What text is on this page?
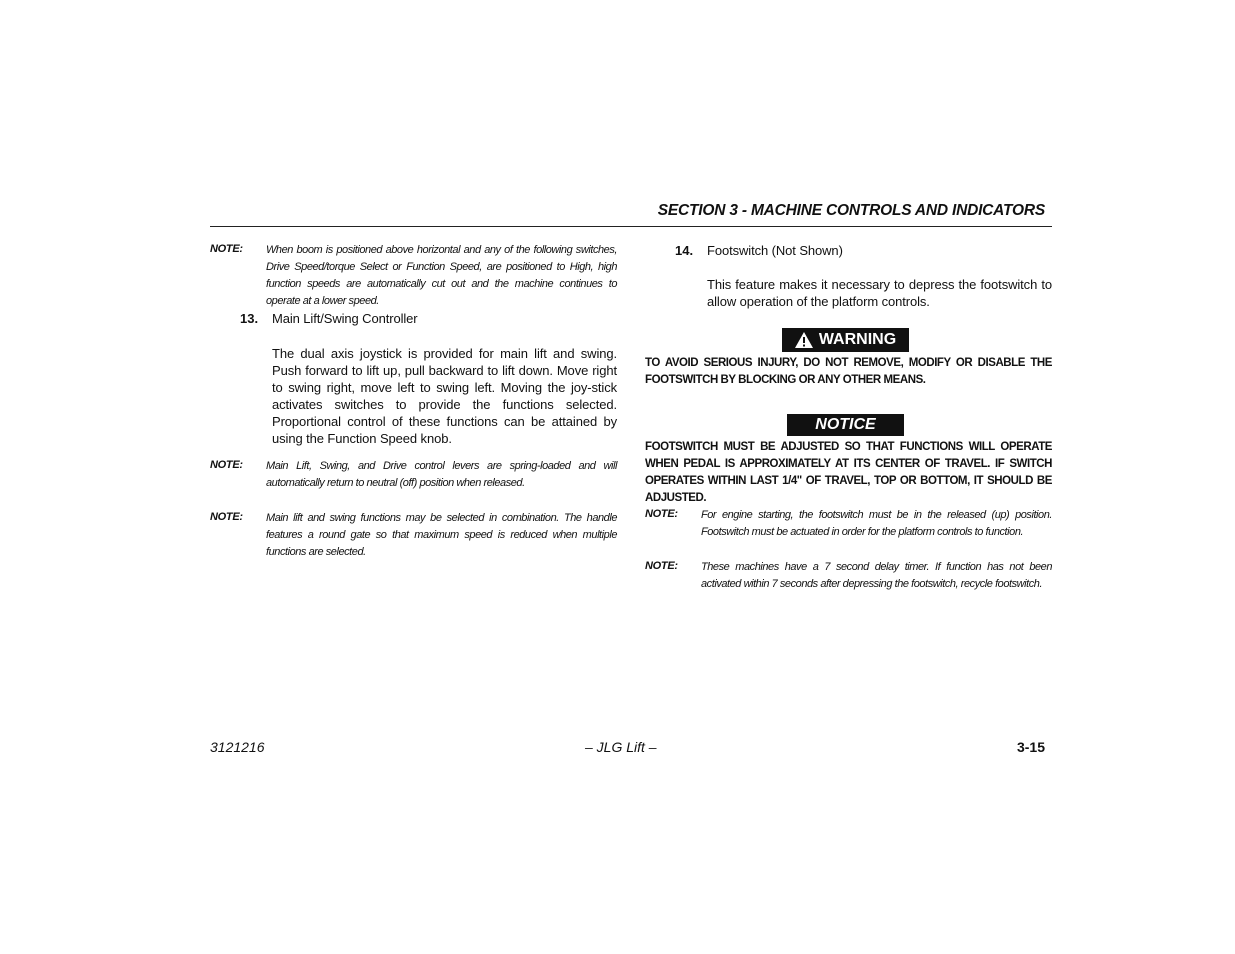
SECTION 3 - MACHINE CONTROLS AND INDICATORS
NOTE: When boom is positioned above horizontal and any of the following switches, Drive Speed/torque Select or Function Speed, are positioned to High, high function speeds are automatically cut out and the machine continues to operate at a lower speed.
13. Main Lift/Swing Controller
The dual axis joystick is provided for main lift and swing. Push forward to lift up, pull backward to lift down. Move right to swing right, move left to swing left. Moving the joy-stick activates switches to provide the functions selected. Proportional control of these functions can be attained by using the Function Speed knob.
NOTE: Main Lift, Swing, and Drive control levers are spring-loaded and will automatically return to neutral (off) position when released.
NOTE: Main lift and swing functions may be selected in combination. The handle features a round gate so that maximum speed is reduced when multiple functions are selected.
14. Footswitch (Not Shown)
This feature makes it necessary to depress the footswitch to allow operation of the platform controls.
WARNING
TO AVOID SERIOUS INJURY, DO NOT REMOVE, MODIFY OR DISABLE THE FOOTSWITCH BY BLOCKING OR ANY OTHER MEANS.
NOTICE
FOOTSWITCH MUST BE ADJUSTED SO THAT FUNCTIONS WILL OPERATE WHEN PEDAL IS APPROXIMATELY AT ITS CENTER OF TRAVEL. IF SWITCH OPERATES WITHIN LAST 1/4" OF TRAVEL, TOP OR BOTTOM, IT SHOULD BE ADJUSTED.
NOTE: For engine starting, the footswitch must be in the released (up) position. Footswitch must be actuated in order for the platform controls to function.
NOTE: These machines have a 7 second delay timer. If function has not been activated within 7 seconds after depressing the footswitch, recycle footswitch.
3121216	– JLG Lift –	3-15
